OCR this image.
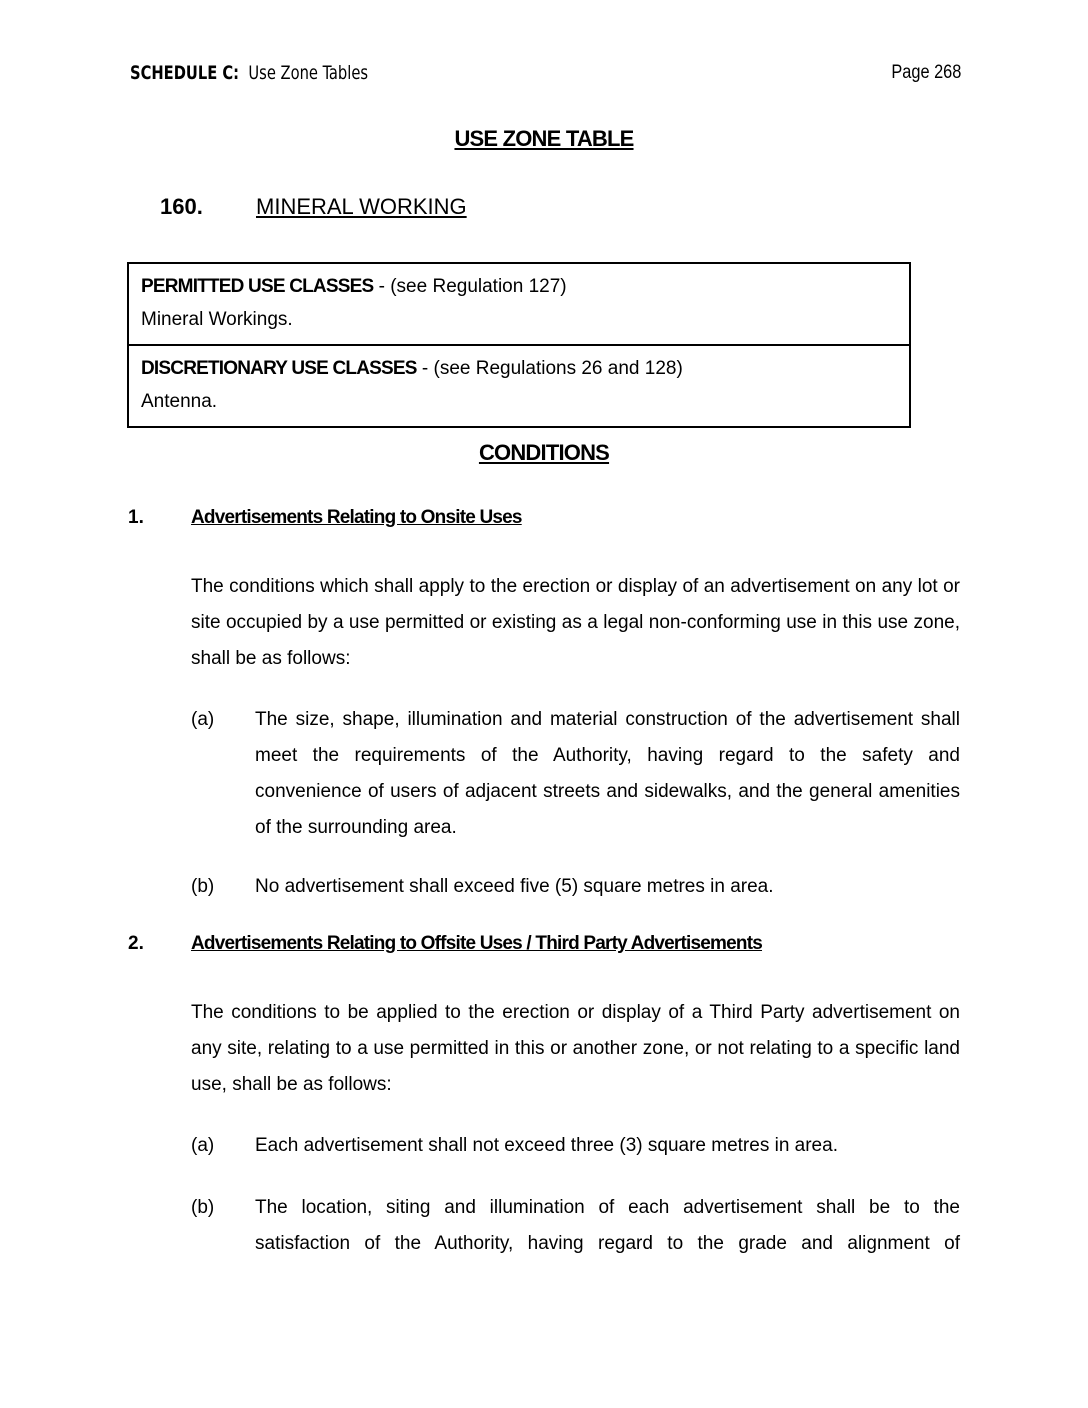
SCHEDULE C: Use Zone Tables	Page 268
USE ZONE TABLE
160. MINERAL WORKING
PERMITTED USE CLASSES - (see Regulation 127)
Mineral Workings.
DISCRETIONARY USE CLASSES - (see Regulations 26 and 128)
Antenna.
CONDITIONS
1. Advertisements Relating to Onsite Uses
The conditions which shall apply to the erection or display of an advertisement on any lot or site occupied by a use permitted or existing as a legal non-conforming use in this use zone, shall be as follows:
(a) The size, shape, illumination and material construction of the advertisement shall meet the requirements of the Authority, having regard to the safety and convenience of users of adjacent streets and sidewalks, and the general amenities of the surrounding area.
(b) No advertisement shall exceed five (5) square metres in area.
2. Advertisements Relating to Offsite Uses / Third Party Advertisements
The conditions to be applied to the erection or display of a Third Party advertisement on any site, relating to a use permitted in this or another zone, or not relating to a specific land use, shall be as follows:
(a) Each advertisement shall not exceed three (3) square metres in area.
(b) The location, siting and illumination of each advertisement shall be to the satisfaction of the Authority, having regard to the grade and alignment of
